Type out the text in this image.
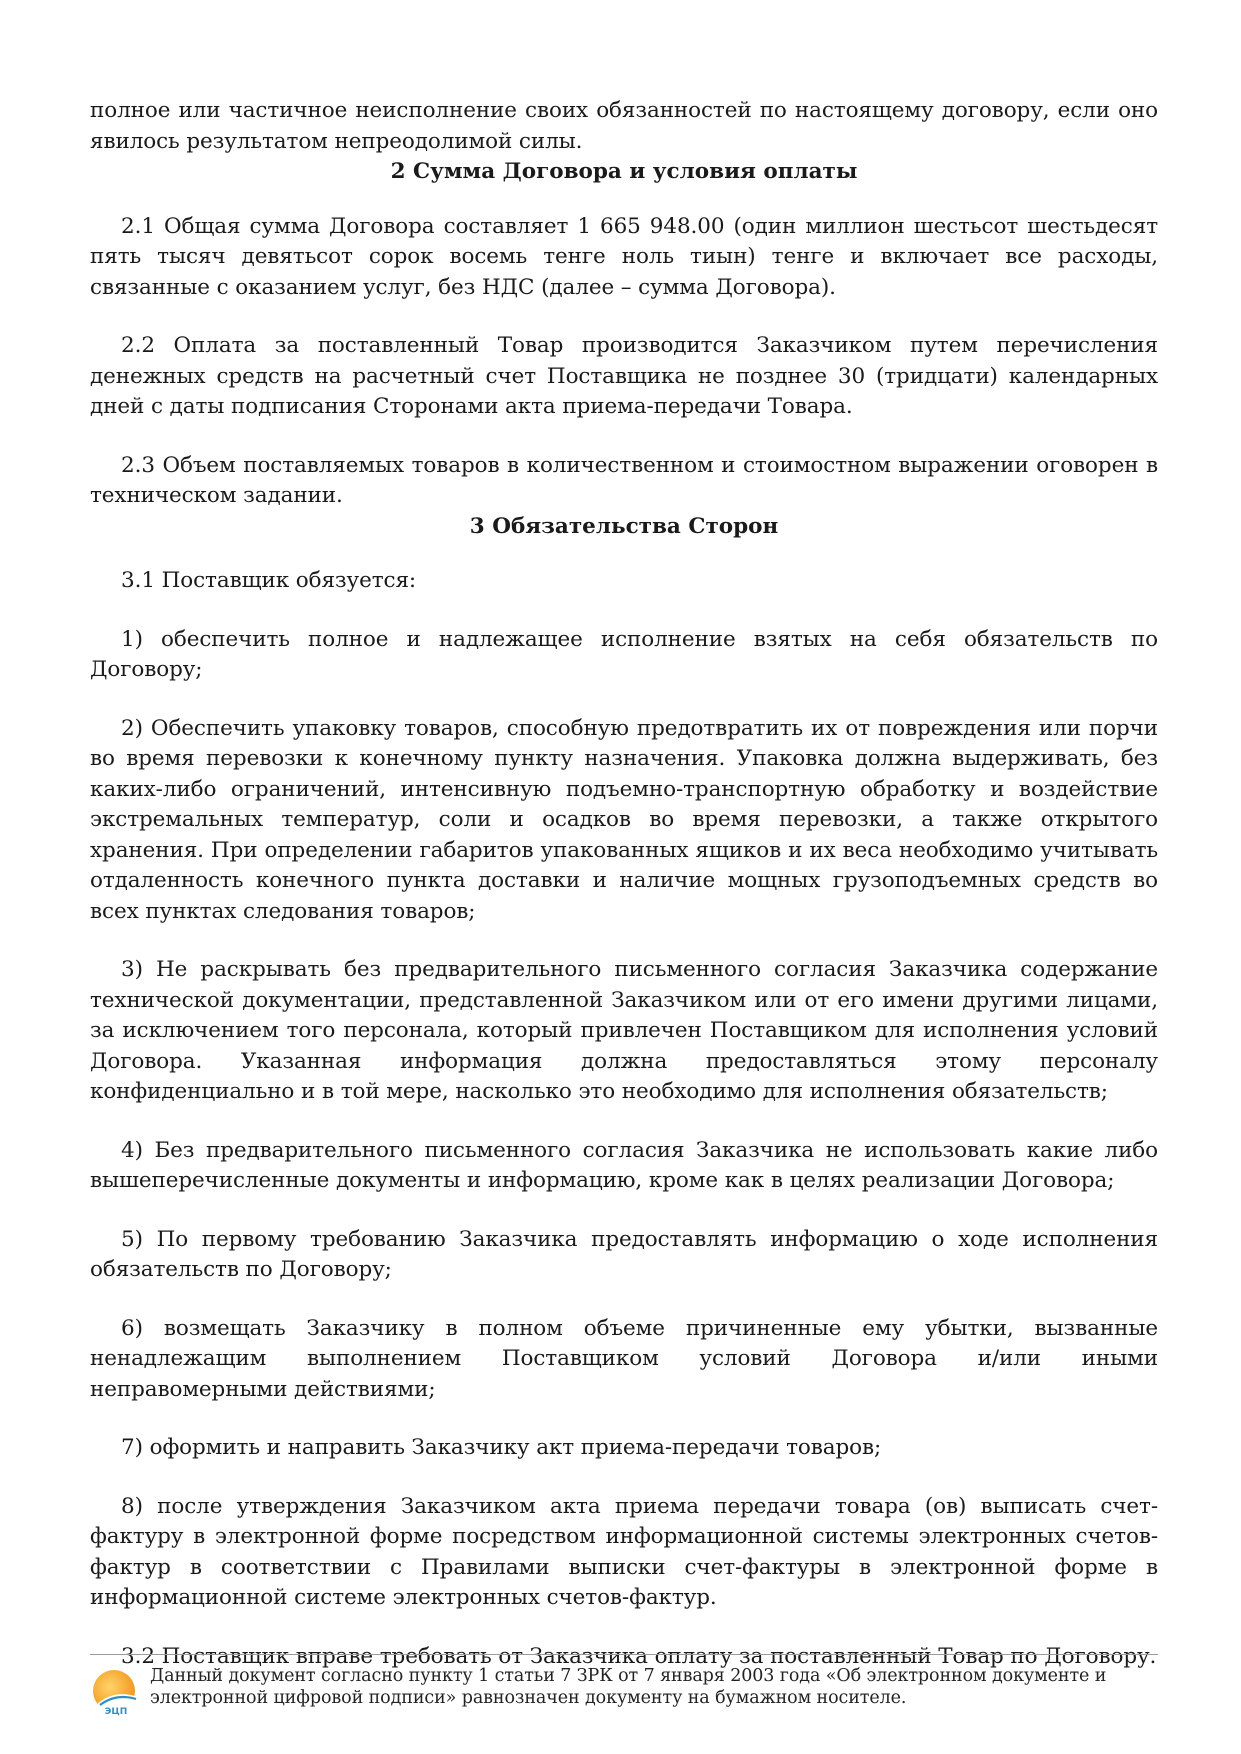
полное или частичное неисполнение своих обязанностей по настоящему договору, если оно явилось результатом непреодолимой силы.

2 Сумма Договора и условия оплаты

2.1 Общая сумма Договора составляет 1 665 948.00 (один миллион шестьсот шестьдесят пять тысяч девятьсот сорок восемь тенге ноль тиын) тенге и включает все расходы, связанные с оказанием услуг, без НДС (далее – сумма Договора).

2.2 Оплата за поставленный Товар производится Заказчиком путем перечисления денежных средств на расчетный счет Поставщика не позднее 30 (тридцати) календарных дней с даты подписания Сторонами акта приема-передачи Товара.

2.3 Объем поставляемых товаров в количественном и стоимостном выражении оговорен в техническом задании.

3 Обязательства Сторон

3.1 Поставщик обязуется:

1) обеспечить полное и надлежащее исполнение взятых на себя обязательств по Договору;

2) Обеспечить упаковку товаров, способную предотвратить их от повреждения или порчи во время перевозки к конечному пункту назначения. Упаковка должна выдерживать, без каких-либо ограничений, интенсивную подъемно-транспортную обработку и воздействие экстремальных температур, соли и осадков во время перевозки, а также открытого хранения. При определении габаритов упакованных ящиков и их веса необходимо учитывать отдаленность конечного пункта доставки и наличие мощных грузоподъемных средств во всех пунктах следования товаров;

3) Не раскрывать без предварительного письменного согласия Заказчика содержание технической документации, представленной Заказчиком или от его имени другими лицами, за исключением того персонала, который привлечен Поставщиком для исполнения условий Договора. Указанная информация должна предоставляться этому персоналу конфиденциально и в той мере, насколько это необходимо для исполнения обязательств;

4) Без предварительного письменного согласия Заказчика не использовать какие либо вышеперечисленные документы и информацию, кроме как в целях реализации Договора;

5) По первому требованию Заказчика предоставлять информацию о ходе исполнения обязательств по Договору;

6) возмещать Заказчику в полном объеме причиненные ему убытки, вызванные ненадлежащим выполнением Поставщиком условий Договора и/или иными неправомерными действиями;

7) оформить и направить Заказчику акт приема-передачи товаров;

8) после утверждения Заказчиком акта приема передачи товара (ов) выписать счет-фактуру в электронной форме посредством информационной системы электронных счетов-фактур в соответствии с Правилами выписки счет-фактуры в электронной форме в информационной системе электронных счетов-фактур.

3.2 Поставщик вправе требовать от Заказчика оплату за поставленный Товар по Договору.

ЭЦП
Данный документ согласно пункту 1 статьи 7 ЗРК от 7 января 2003 года «Об электронном документе и электронной цифровой подписи» равнозначен документу на бумажном носителе.
